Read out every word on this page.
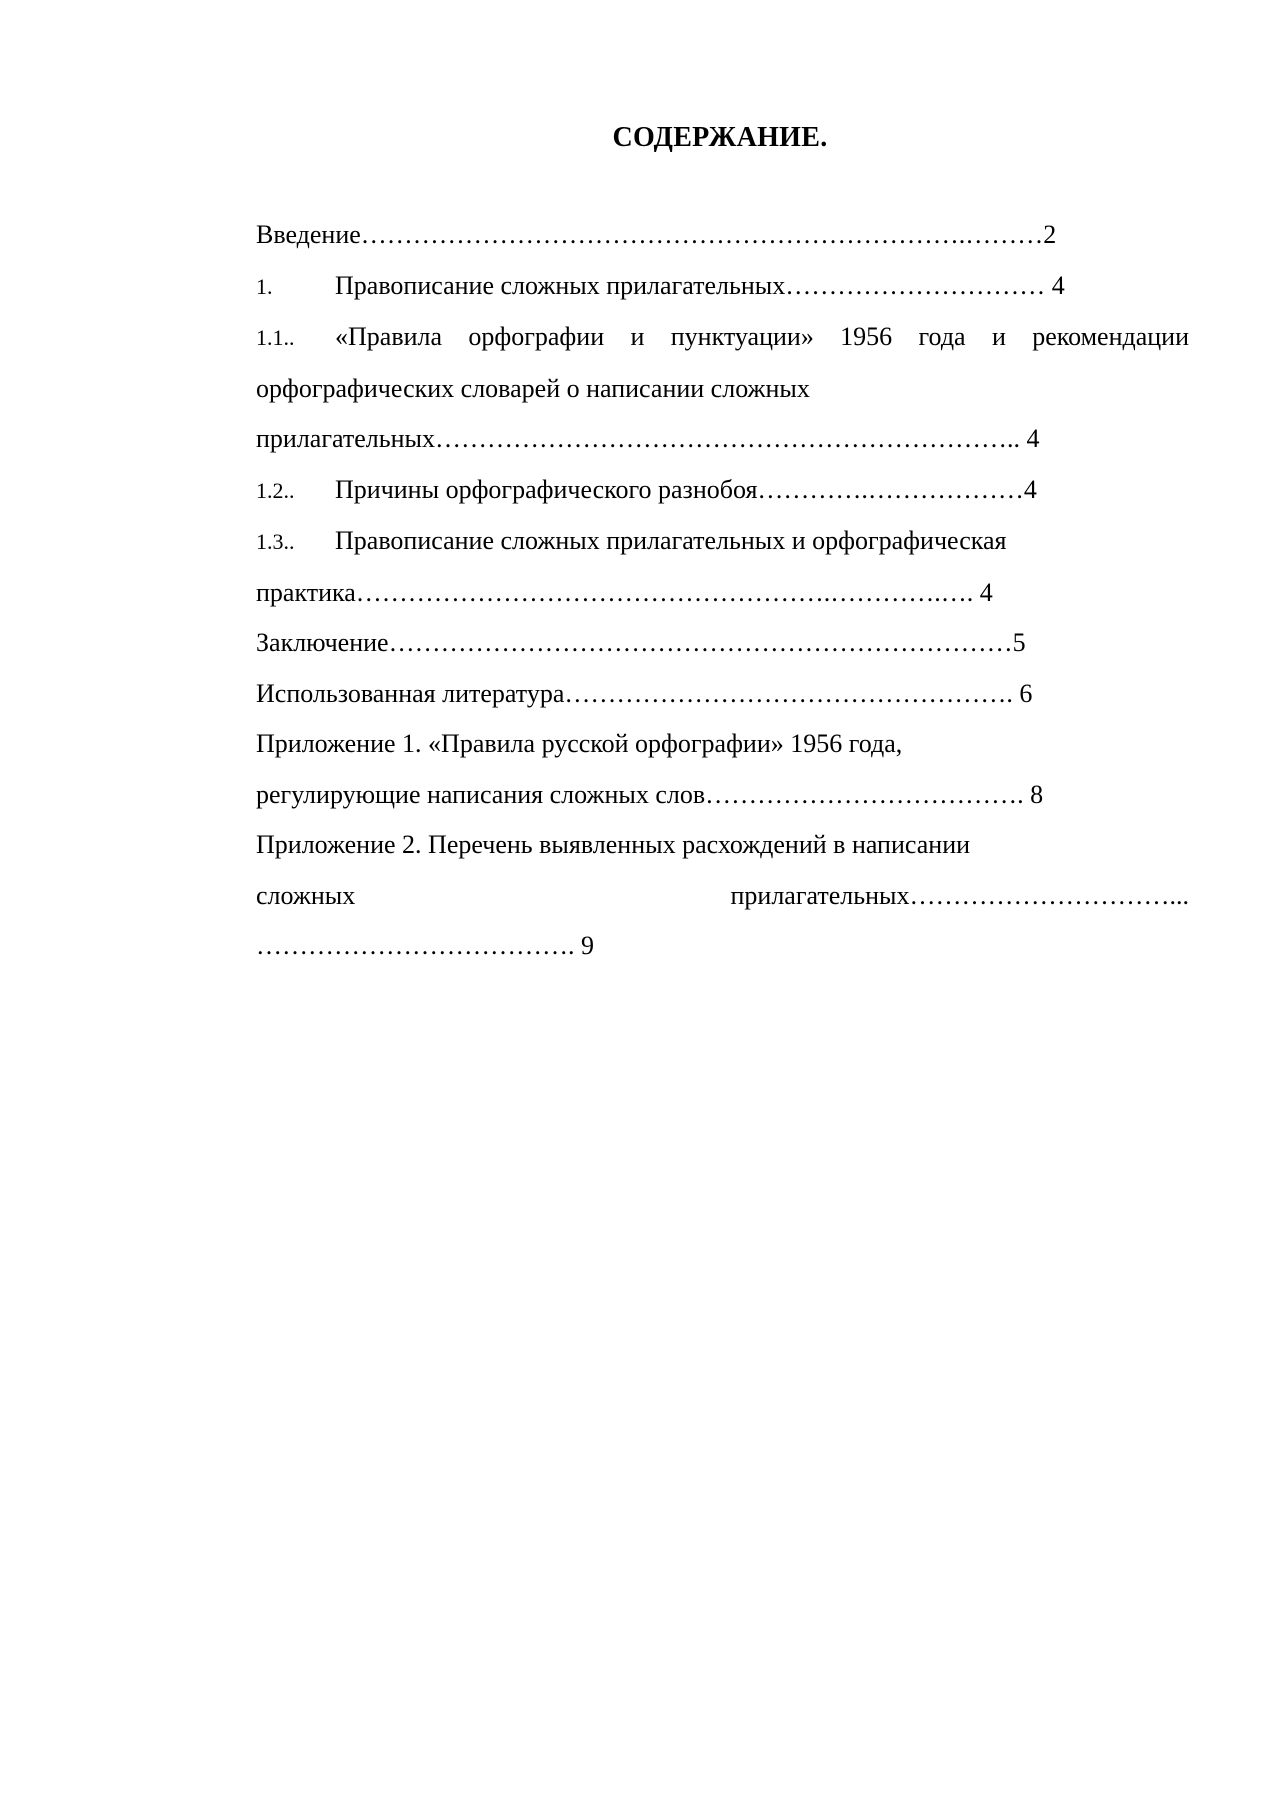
СОДЕРЖАНИЕ.
Введение…………………………………………………………….………2
1. Правописание сложных прилагательных………………………… 4
1.1.. «Правила орфографии и пунктуации» 1956 года и рекомендации орфографических словарей о написании сложных
прилагательных………………………………………………………….. 4
1.2.. Причины орфографического разнобоя………….………………4
1.3.. Правописание сложных прилагательных и орфографическая
практика……………………………………………….………….…. 4
Заключение………………………………………………………………5
Использованная литература……………………………………………. 6
Приложение 1. «Правила русской орфографии» 1956 года,
регулирующие написания сложных слов………………………………. 8
Приложение 2. Перечень выявленных расхождений в написании
сложных	прилагательных…………………………...
………………………………. 9
